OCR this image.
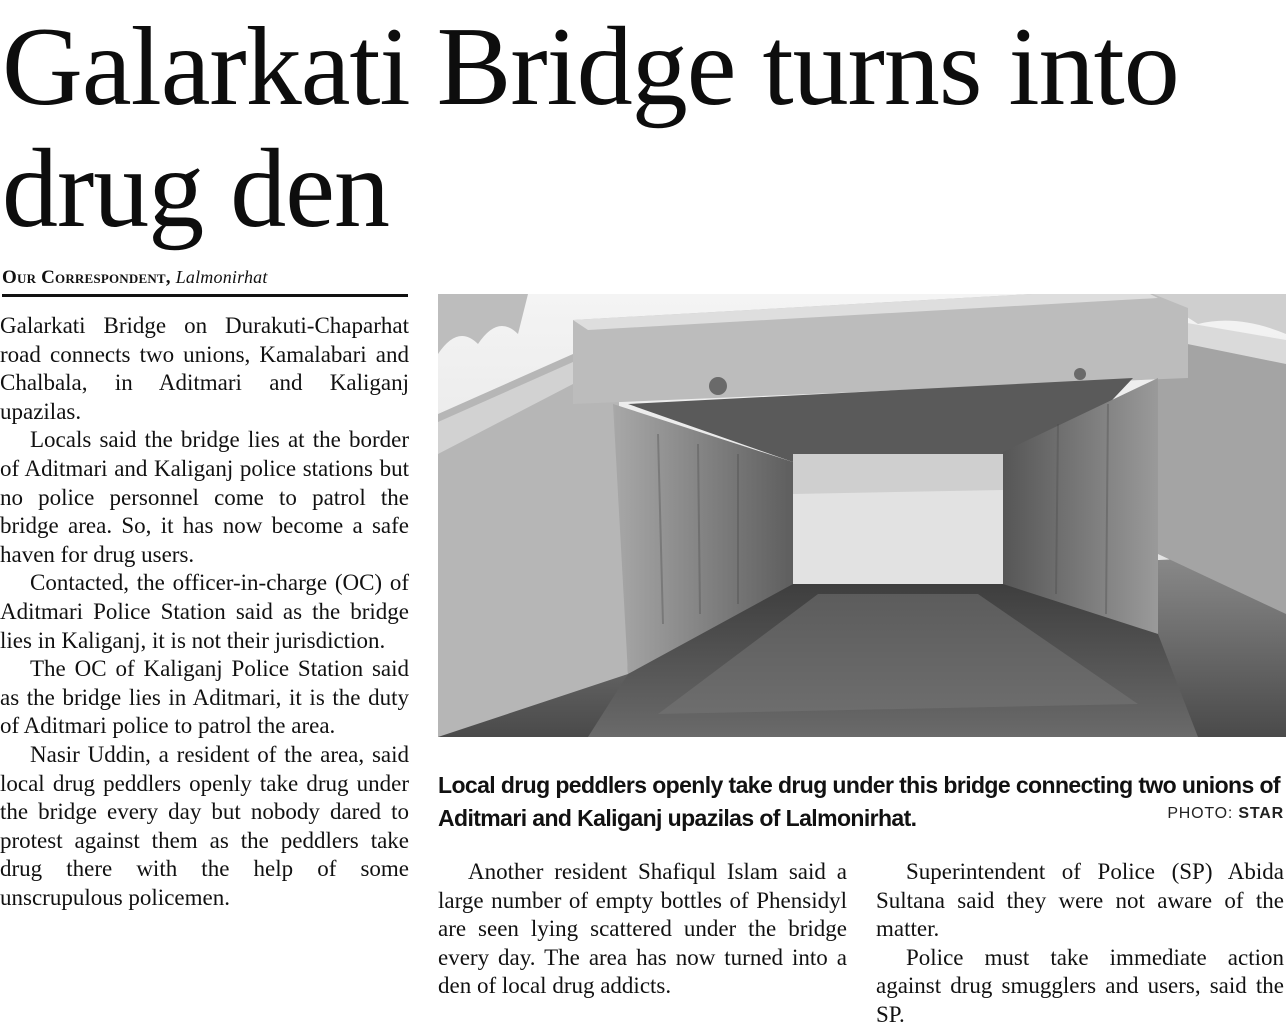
Galarkati Bridge turns into drug den
Our Correspondent, Lalmonirhat

Galarkati Bridge on Durakuti-Chaparhat road connects two unions, Kamalabari and Chalbala, in Aditmari and Kaliganj upazilas.

Locals said the bridge lies at the border of Aditmari and Kaliganj police stations but no police personnel come to patrol the bridge area. So, it has now become a safe haven for drug users.

Contacted, the officer-in-charge (OC) of Aditmari Police Station said as the bridge lies in Kaliganj, it is not their jurisdiction.

The OC of Kaliganj Police Station said as the bridge lies in Aditmari, it is the duty of Aditmari police to patrol the area.

Nasir Uddin, a resident of the area, said local drug peddlers openly take drug under the bridge every day but nobody dared to protest against them as the peddlers take drug there with the help of some unscrupulous policemen.

Local drug peddlers openly take drug under this bridge connecting two unions of Aditmari and Kaliganj upazilas of Lalmonirhat.	PHOTO: STAR

Another resident Shafiqul Islam said a large number of empty bottles of Phensidyl are seen lying scattered under the bridge every day. The area has now turned into a den of local drug addicts.

Superintendent of Police (SP) Abida Sultana said they were not aware of the matter.

Police must take immediate action against drug smugglers and users, said the SP.
